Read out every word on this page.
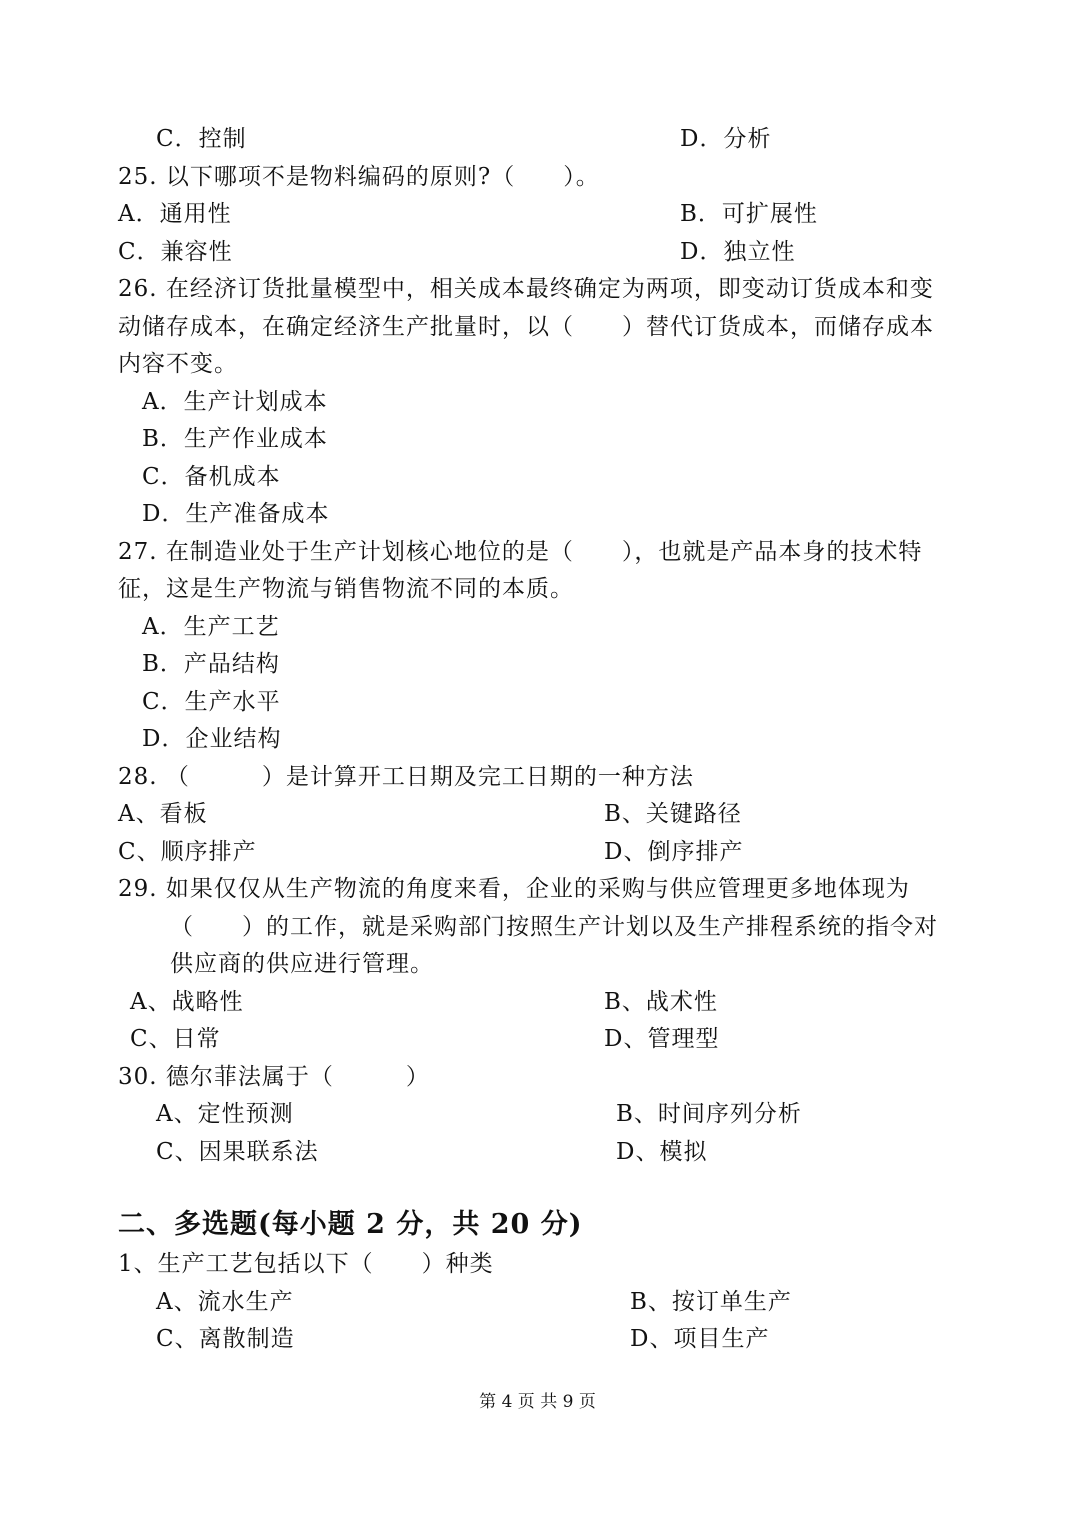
C．控制	D．分析
25. 以下哪项不是物料编码的原则?（　　）。
A．通用性	B．可扩展性
C．兼容性	D．独立性
26. 在经济订货批量模型中，相关成本最终确定为两项，即变动订货成本和变
动储存成本，在确定经济生产批量时，以（　　）替代订货成本，而储存成本
内容不变。
A．生产计划成本
B．生产作业成本
C．备机成本
D．生产准备成本
27. 在制造业处于生产计划核心地位的是（　　），也就是产品本身的技术特
征，这是生产物流与销售物流不同的本质。
A．生产工艺
B．产品结构
C．生产水平
D．企业结构
28. （　　　）是计算开工日期及完工日期的一种方法
A、看板	B、关键路径
C、顺序排产	D、倒序排产
29. 如果仅仅从生产物流的角度来看，企业的采购与供应管理更多地体现为
（　　）的工作，就是采购部门按照生产计划以及生产排程系统的指令对
供应商的供应进行管理。
A、战略性	B、战术性
C、日常	D、管理型
30. 德尔菲法属于（　　　）
A、定性预测	B、时间序列分析
C、因果联系法	D、模拟
二、多选题(每小题 2 分，共 20 分)
1、生产工艺包括以下（　　）种类
A、流水生产	B、按订单生产
C、离散制造	D、项目生产
第 4 页 共 9 页
